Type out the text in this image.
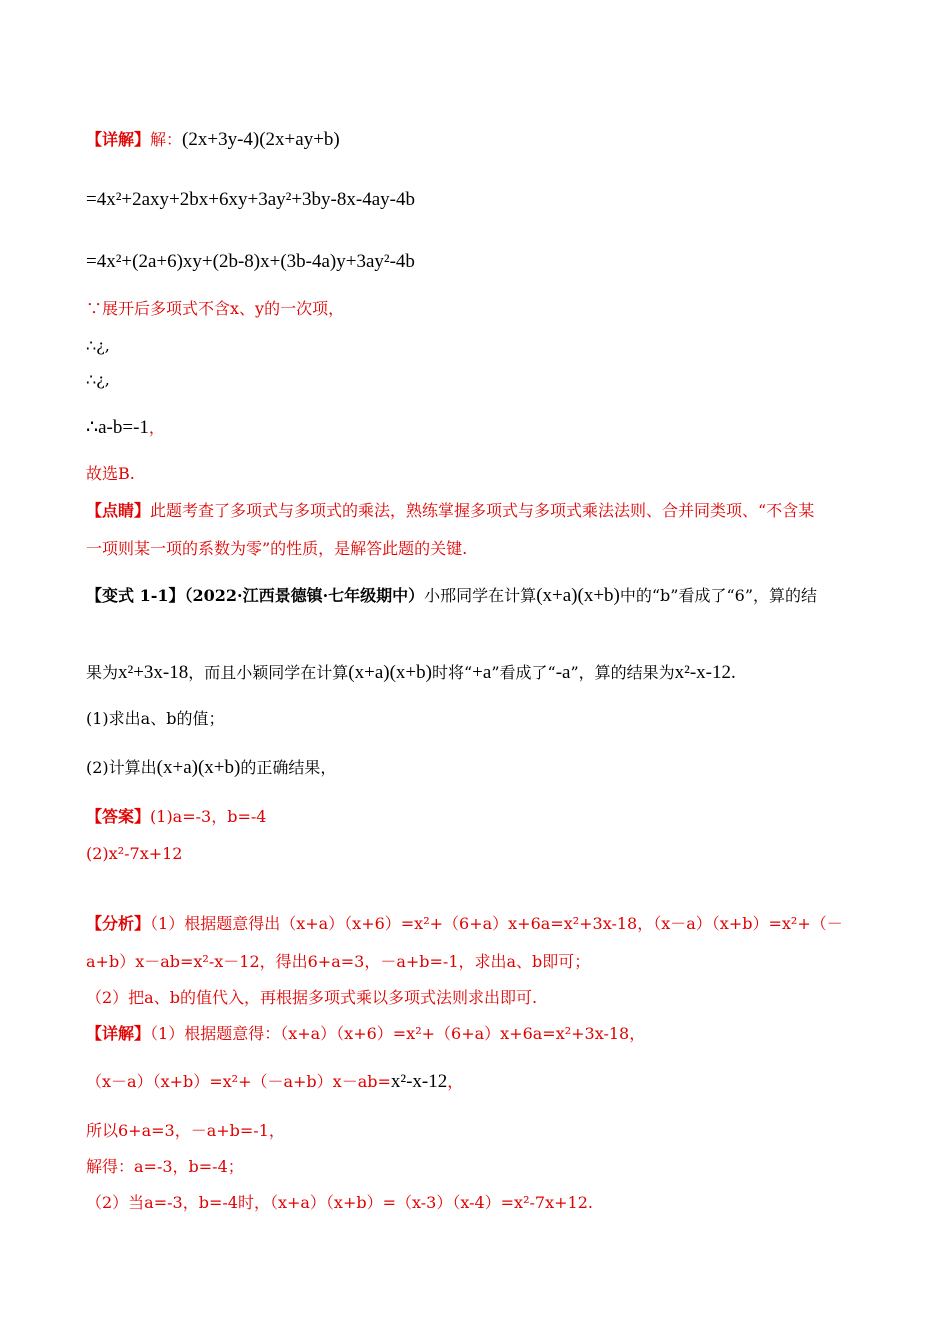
【详解】解：(2x+3y-4)(2x+ay+b)
=4x²+2axy+2bx+6xy+3ay²+3by-8x-4ay-4b
=4x²+(2a+6)xy+(2b-8)x+(3b-4a)y+3ay²-4b
∵展开后多项式不含x、y的一次项，
∴¿,
∴¿,
∴a-b=-1，
故选B.
【点睛】此题考查了多项式与多项式的乘法，熟练掌握多项式与多项式乘法法则、合并同类项、“不含某
一项则某一项的系数为零”的性质，是解答此题的关键.
【变式 1-1】（2022·江西景德镇·七年级期中）小邢同学在计算(x+a)(x+b)中的“b”看成了“6”，算的结
果为x²+3x-18，而且小颖同学在计算(x+a)(x+b)时将“+a”看成了“-a”，算的结果为x²-x-12.
(1)求出a、b的值；
(2)计算出(x+a)(x+b)的正确结果，
【答案】(1)a=-3，b=-4
(2)x²-7x+12
【分析】（1）根据题意得出（x+a）（x+6）=x²+（6+a）x+6a=x²+3x-18，（x－a）（x+b）=x²+（－
a+b）x－ab=x²-x－12，得出6+a=3，－a+b=-1，求出a、b即可；
（2）把a、b的值代入，再根据多项式乘以多项式法则求出即可.
【详解】（1）根据题意得：（x+a）（x+6）=x²+（6+a）x+6a=x²+3x-18，
（x－a）（x+b）=x²+（－a+b）x－ab=x²-x-12，
所以6+a=3，－a+b=-1，
解得：a=-3，b=-4；
（2）当a=-3，b=-4时，（x+a）（x+b）=（x-3）（x-4）=x²-7x+12.
